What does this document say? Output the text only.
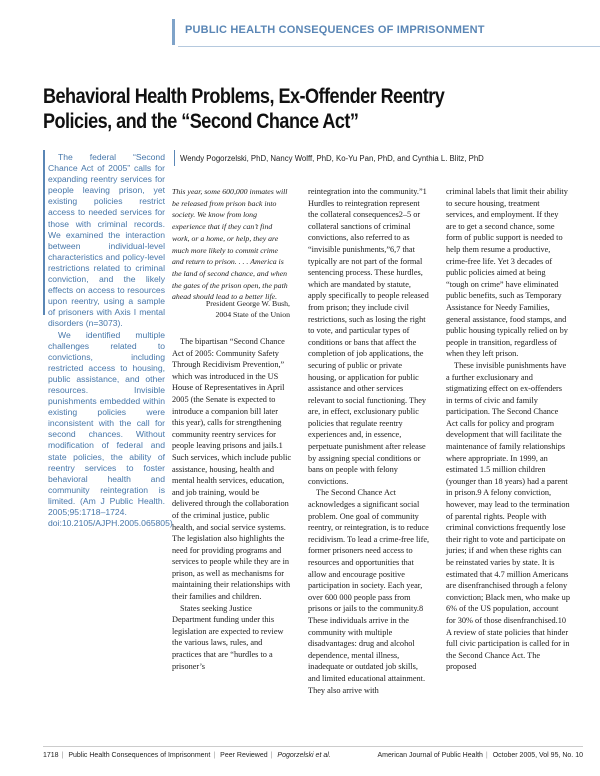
PUBLIC HEALTH CONSEQUENCES OF IMPRISONMENT
Behavioral Health Problems, Ex-Offender Reentry Policies, and the “Second Chance Act”

The federal “Second Chance Act of 2005” calls for expanding reentry services for people leaving prison, yet existing policies restrict access to needed services for those with criminal records. We examined the interaction between individual-level characteristics and policy-level restrictions related to criminal conviction, and the likely effects on access to resources upon reentry, using a sample of prisoners with Axis I mental disorders (n=3073).

We identified multiple challenges related to convictions, including restricted access to housing, public assistance, and other resources. Invisible punishments embedded within existing policies were inconsistent with the call for second chances. Without modification of federal and state policies, the ability of reentry services to foster behavioral health and community reintegration is limited. (Am J Public Health. 2005;95:1718–1724. doi:10.2105/AJPH.2005.065805)

Wendy Pogorzelski, PhD, Nancy Wolff, PhD, Ko-Yu Pan, PhD, and Cynthia L. Blitz, PhD
This year, some 600,000 inmates will be released from prison back into society. We know from long experience that if they can’t find work, or a home, or help, they are much more likely to commit crime and return to prison. . . . America is the land of second chance, and when the gates of the prison open, the path ahead should lead to a better life.
President George W. Bush,
2004 State of the Union

The bipartisan “Second Chance Act of 2005: Community Safety Through Recidivism Prevention,” which was introduced in the US House of Representatives in April 2005 (the Senate is expected to introduce a companion bill later this year), calls for strengthening community reentry services for people leaving prisons and jails.1 Such services, which include public assistance, housing, health and mental health services, education, and job training, would be delivered through the collaboration of the criminal justice, public health, and social service systems. The legislation also highlights the need for providing programs and services to people while they are in prison, as well as mechanisms for maintaining their relationships with their families and children.

States seeking Justice Department funding under this legislation are expected to review the various laws, rules, and practices that are “hurdles to a prisoner’s

reintegration into the community.”1 Hurdles to reintegration represent the collateral consequences2–5 or collateral sanctions of criminal convictions, also referred to as “invisible punishments,”6,7 that typically are not part of the formal sentencing process. These hurdles, which are mandated by statute, apply specifically to people released from prison; they include civil restrictions, such as losing the right to vote, and particular types of conditions or bans that affect the completion of job applications, the securing of public or private housing, or application for public assistance and other services relevant to social functioning. They are, in effect, exclusionary public policies that regulate reentry experiences and, in essence, perpetuate punishment after release by assigning special conditions or bans on people with felony convictions.

The Second Chance Act acknowledges a significant social problem. One goal of community reentry, or reintegration, is to reduce recidivism. To lead a crime-free life, former prisoners need access to resources and opportunities that allow and encourage positive participation in society. Each year, over 600 000 people pass from prisons or jails to the community.8 These individuals arrive in the community with multiple disadvantages: drug and alcohol dependence, mental illness, inadequate or outdated job skills, and limited educational attainment. They also arrive with

criminal labels that limit their ability to secure housing, treatment services, and employment. If they are to get a second chance, some form of public support is needed to help them resume a productive, crime-free life. Yet 3 decades of public policies aimed at being “tough on crime” have eliminated public benefits, such as Temporary Assistance for Needy Families, general assistance, food stamps, and public housing typically relied on by people in transition, regardless of when they left prison.

These invisible punishments have a further exclusionary and stigmatizing effect on ex-offenders in terms of civic and family participation. The Second Chance Act calls for policy and program development that will facilitate the maintenance of family relationships where appropriate. In 1999, an estimated 1.5 million children (younger than 18 years) had a parent in prison.9 A felony conviction, however, may lead to the termination of parental rights. People with criminal convictions frequently lose their right to vote and participate on juries; if and when these rights can be reinstated varies by state. It is estimated that 4.7 million Americans are disenfranchised through a felony conviction; Black men, who make up 6% of the US population, account for 30% of those disenfranchised.10 A review of state policies that hinder full civic participation is called for in the Second Chance Act. The proposed

1718 | Public Health Consequences of Imprisonment | Peer Reviewed | Pogorzelski et al.	American Journal of Public Health | October 2005, Vol 95, No. 10
